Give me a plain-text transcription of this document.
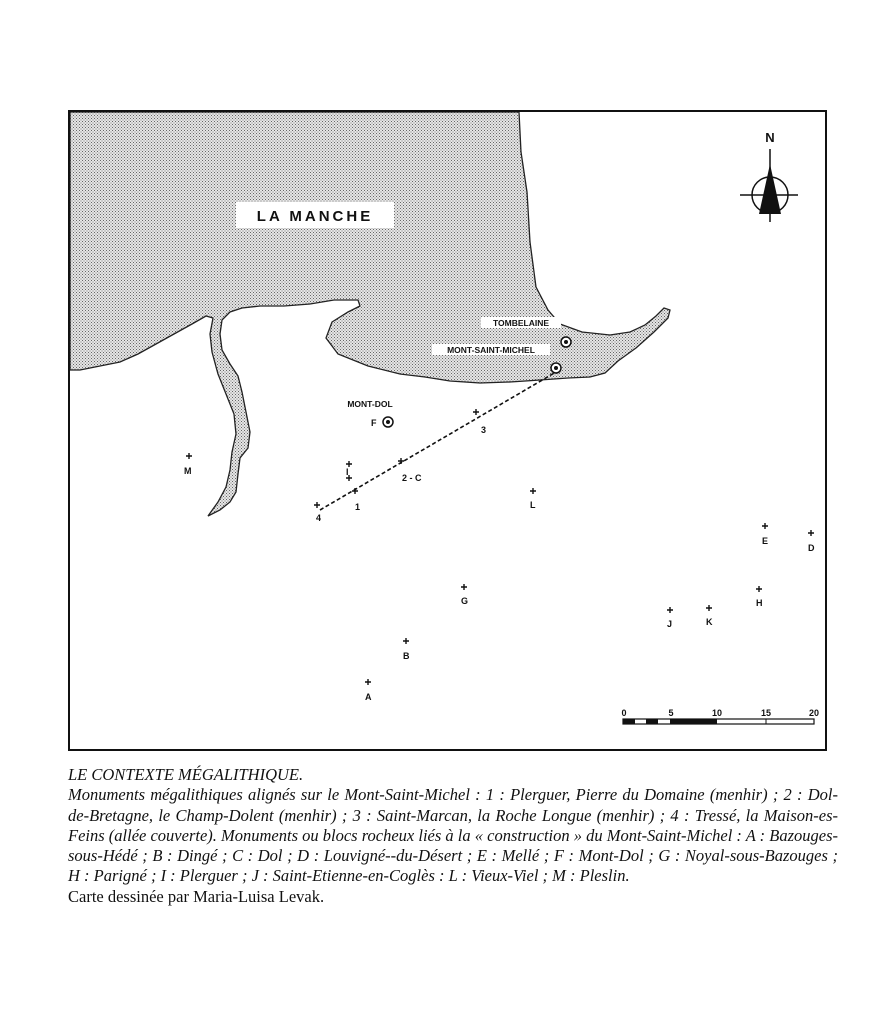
LA MANCHE
N
TOMBELAINE
MONT-SAINT-MICHEL
MONT-DOL
F
M	I
1
2 - C
3
4
L
E
D
G	H
J	K
B
A
0	5	10	15	20

LE CONTEXTE MÉGALITHIQUE.

Monuments mégalithiques alignés sur le Mont-Saint-Michel : 1 : Plerguer, Pierre du Domaine (menhir) ; 2 : Dol-de-Bretagne, le Champ-Dolent (menhir) ; 3 : Saint-Marcan, la Roche Longue (menhir) ; 4 : Tressé, la Maison-es-Feins (allée couverte). Monuments ou blocs rocheux liés à la « construction » du Mont-Saint-Michel : A : Bazouges-sous-Hédé ; B : Dingé ; C : Dol ; D : Louvigné--du-Désert ; E : Mellé ; F : Mont-Dol ; G : Noyal-sous-Bazouges ; H : Parigné ; I : Plerguer ; J : Saint-Etienne-en-Coglès : L : Vieux-Viel ; M : Pleslin.

Carte dessinée par Maria-Luisa Levak.
